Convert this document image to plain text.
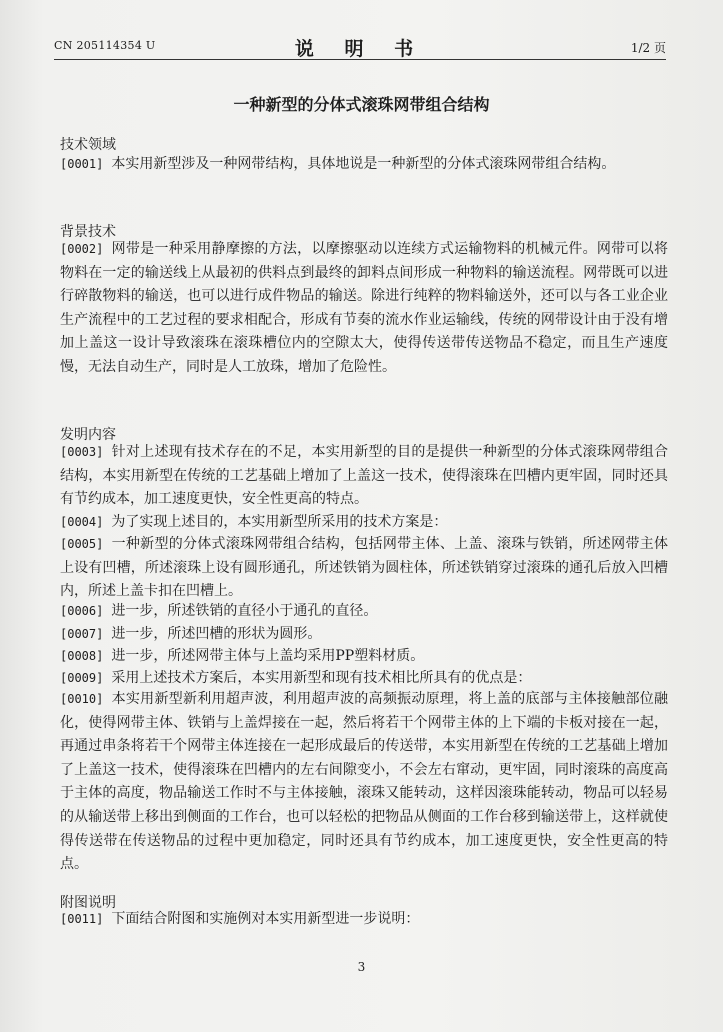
CN 205114354 U	说 明 书	1/2 页
一种新型的分体式滚珠网带组合结构
技术领域
[0001] 本实用新型涉及一种网带结构，具体地说是一种新型的分体式滚珠网带组合结构。
背景技术
[0002] 网带是一种采用静摩擦的方法，以摩擦驱动以连续方式运输物料的机械元件。网带可以将物料在一定的输送线上从最初的供料点到最终的卸料点间形成一种物料的输送流程。网带既可以进行碎散物料的输送，也可以进行成件物品的输送。除进行纯粹的物料输送外，还可以与各工业企业生产流程中的工艺过程的要求相配合，形成有节奏的流水作业运输线，传统的网带设计由于没有增加上盖这一设计导致滚珠在滚珠槽位内的空隙太大，使得传送带传送物品不稳定，而且生产速度慢，无法自动生产，同时是人工放珠，增加了危险性。
发明内容
[0003] 针对上述现有技术存在的不足，本实用新型的目的是提供一种新型的分体式滚珠网带组合结构，本实用新型在传统的工艺基础上增加了上盖这一技术，使得滚珠在凹槽内更牢固，同时还具有节约成本，加工速度更快，安全性更高的特点。
[0004] 为了实现上述目的，本实用新型所采用的技术方案是：
[0005] 一种新型的分体式滚珠网带组合结构，包括网带主体、上盖、滚珠与铁销，所述网带主体上设有凹槽，所述滚珠上设有圆形通孔，所述铁销为圆柱体，所述铁销穿过滚珠的通孔后放入凹槽内，所述上盖卡扣在凹槽上。
[0006] 进一步，所述铁销的直径小于通孔的直径。
[0007] 进一步，所述凹槽的形状为圆形。
[0008] 进一步，所述网带主体与上盖均采用PP塑料材质。
[0009] 采用上述技术方案后，本实用新型和现有技术相比所具有的优点是：
[0010] 本实用新型新利用超声波，利用超声波的高频振动原理，将上盖的底部与主体接触部位融化，使得网带主体、铁销与上盖焊接在一起，然后将若干个网带主体的上下端的卡板对接在一起，再通过串条将若干个网带主体连接在一起形成最后的传送带，本实用新型在传统的工艺基础上增加了上盖这一技术，使得滚珠在凹槽内的左右间隙变小，不会左右窜动，更牢固，同时滚珠的高度高于主体的高度，物品输送工作时不与主体接触，滚珠又能转动，这样因滚珠能转动，物品可以轻易的从输送带上移出到侧面的工作台，也可以轻松的把物品从侧面的工作台移到输送带上，这样就使得传送带在传送物品的过程中更加稳定，同时还具有节约成本，加工速度更快，安全性更高的特点。
附图说明
[0011] 下面结合附图和实施例对本实用新型进一步说明：
3
